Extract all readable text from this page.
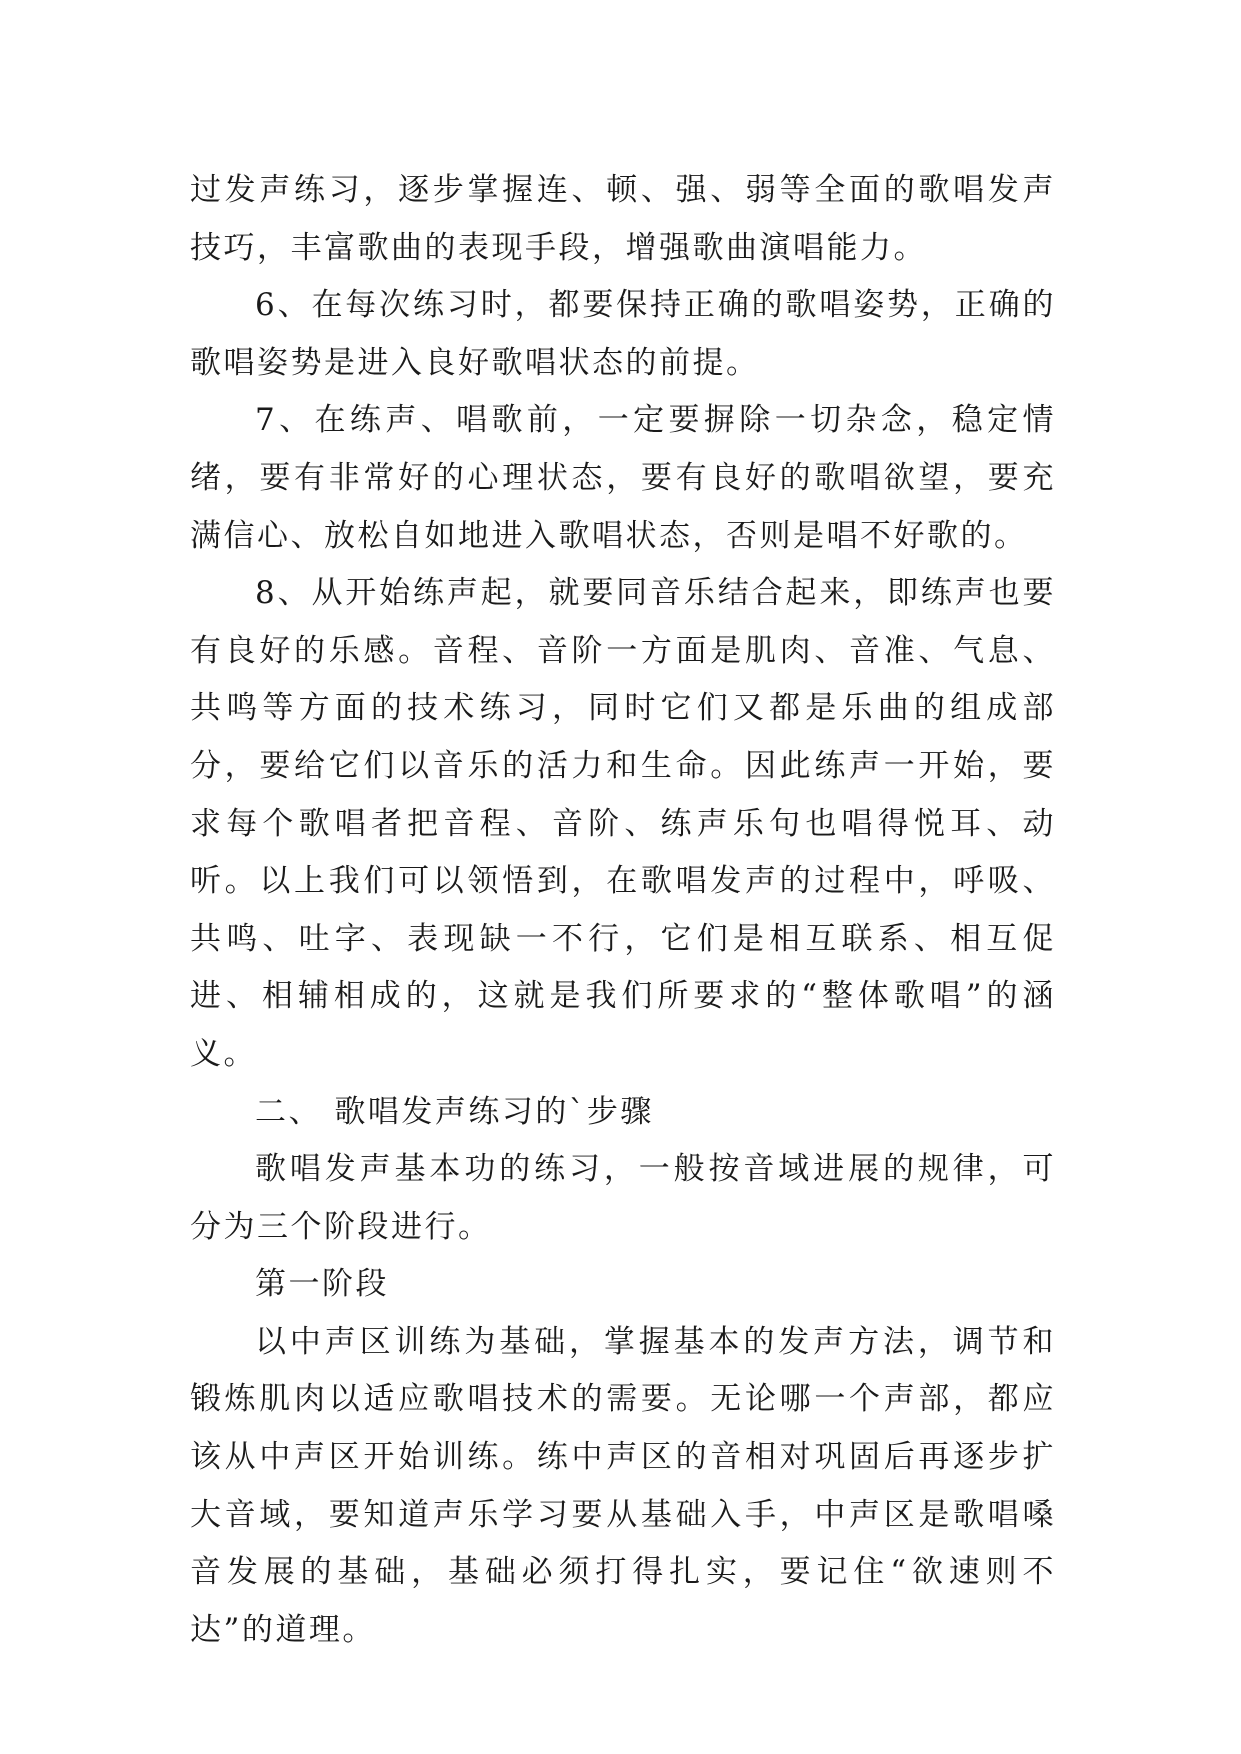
过发声练习，逐步掌握连、顿、强、弱等全面的歌唱发声技巧，丰富歌曲的表现手段，增强歌曲演唱能力。

6、在每次练习时，都要保持正确的歌唱姿势，正确的歌唱姿势是进入良好歌唱状态的前提。

7、在练声、唱歌前，一定要摒除一切杂念，稳定情绪，要有非常好的心理状态，要有良好的歌唱欲望，要充满信心、放松自如地进入歌唱状态，否则是唱不好歌的。

8、从开始练声起，就要同音乐结合起来，即练声也要有良好的乐感。音程、音阶一方面是肌肉、音准、气息、共鸣等方面的技术练习，同时它们又都是乐曲的组成部分，要给它们以音乐的活力和生命。因此练声一开始，要求每个歌唱者把音程、音阶、练声乐句也唱得悦耳、动听。以上我们可以领悟到，在歌唱发声的过程中，呼吸、共鸣、吐字、表现缺一不行，它们是相互联系、相互促进、相辅相成的，这就是我们所要求的“整体歌唱”的涵义。

二、 歌唱发声练习的`步骤

歌唱发声基本功的练习，一般按音域进展的规律，可分为三个阶段进行。

第一阶段

以中声区训练为基础，掌握基本的发声方法，调节和锻炼肌肉以适应歌唱技术的需要。无论哪一个声部，都应该从中声区开始训练。练中声区的音相对巩固后再逐步扩大音域，要知道声乐学习要从基础入手，中声区是歌唱嗓音发展的基础，基础必须打得扎实，要记住“欲速则不达”的道理。
